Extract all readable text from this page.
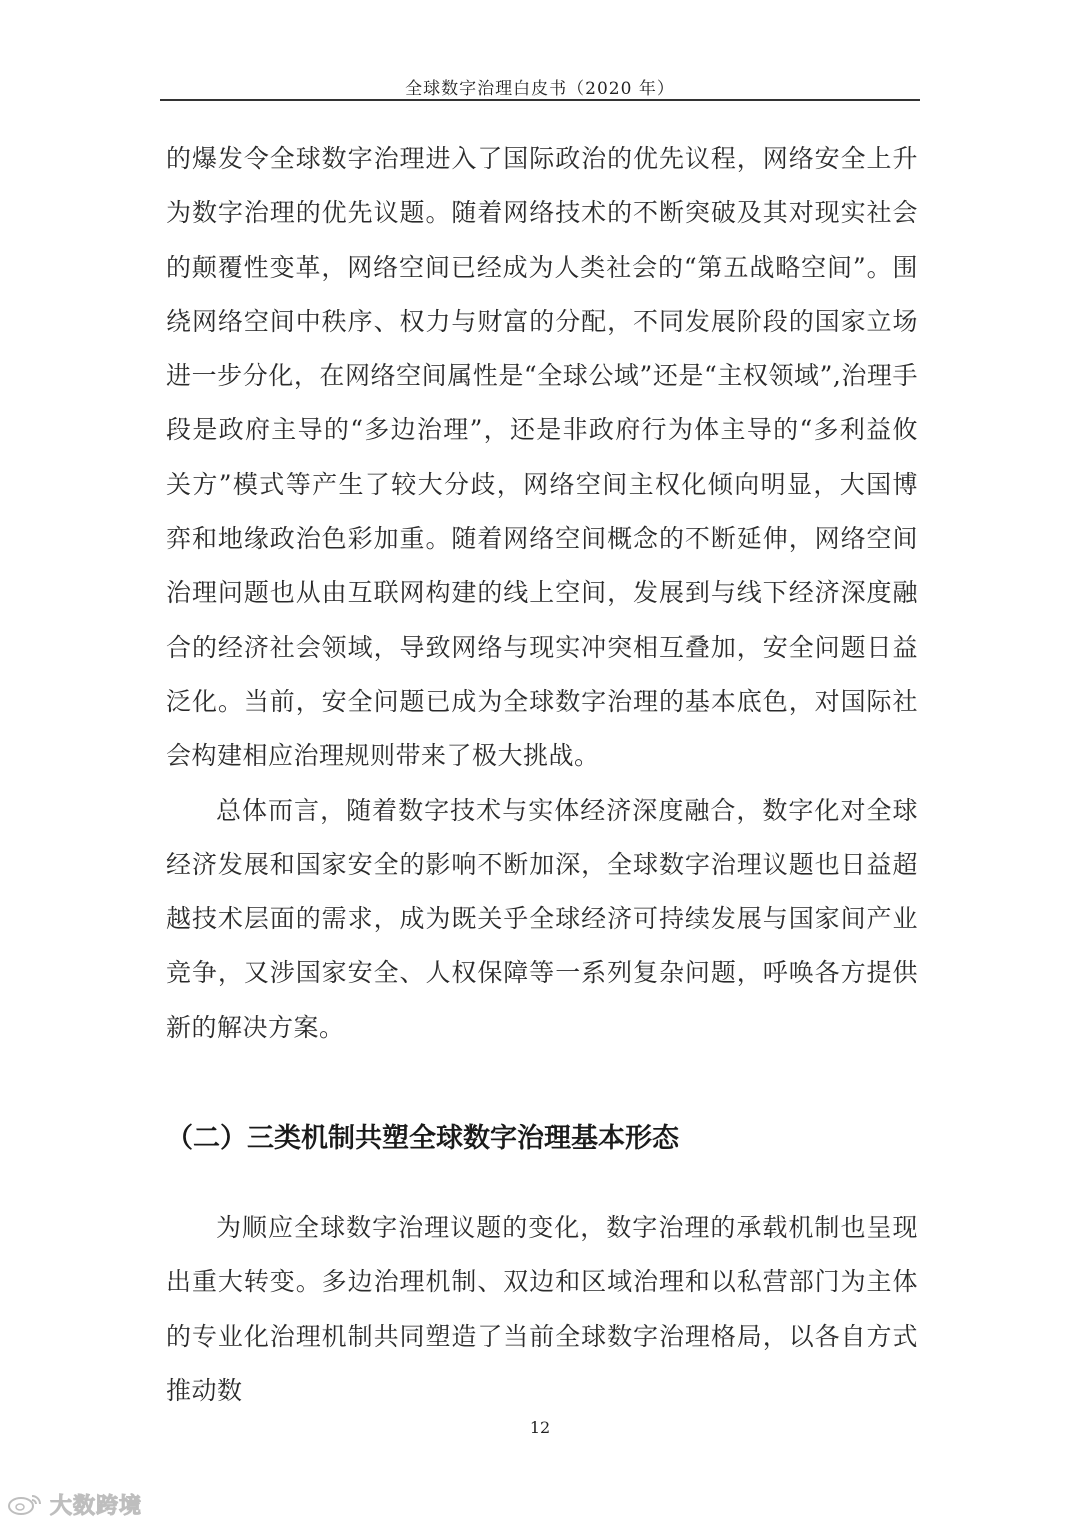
全球数字治理白皮书（2020 年）

的爆发令全球数字治理进入了国际政治的优先议程，网络安全上升为数字治理的优先议题。随着网络技术的不断突破及其对现实社会的颠覆性变革，网络空间已经成为人类社会的“第五战略空间”。围绕网络空间中秩序、权力与财富的分配，不同发展阶段的国家立场进一步分化，在网络空间属性是“全球公域”还是“主权领域”,治理手段是政府主导的“多边治理”，还是非政府行为体主导的“多利益攸关方”模式等产生了较大分歧，网络空间主权化倾向明显，大国博弈和地缘政治色彩加重。随着网络空间概念的不断延伸，网络空间治理问题也从由互联网构建的线上空间，发展到与线下经济深度融合的经济社会领域，导致网络与现实冲突相互叠加，安全问题日益泛化。当前，安全问题已成为全球数字治理的基本底色，对国际社会构建相应治理规则带来了极大挑战。

总体而言，随着数字技术与实体经济深度融合，数字化对全球经济发展和国家安全的影响不断加深，全球数字治理议题也日益超越技术层面的需求，成为既关乎全球经济可持续发展与国家间产业竞争，又涉国家安全、人权保障等一系列复杂问题，呼唤各方提供新的解决方案。

（二）三类机制共塑全球数字治理基本形态

为顺应全球数字治理议题的变化，数字治理的承载机制也呈现出重大转变。多边治理机制、双边和区域治理和以私营部门为主体的专业化治理机制共同塑造了当前全球数字治理格局，以各自方式推动数

12
大数跨境
